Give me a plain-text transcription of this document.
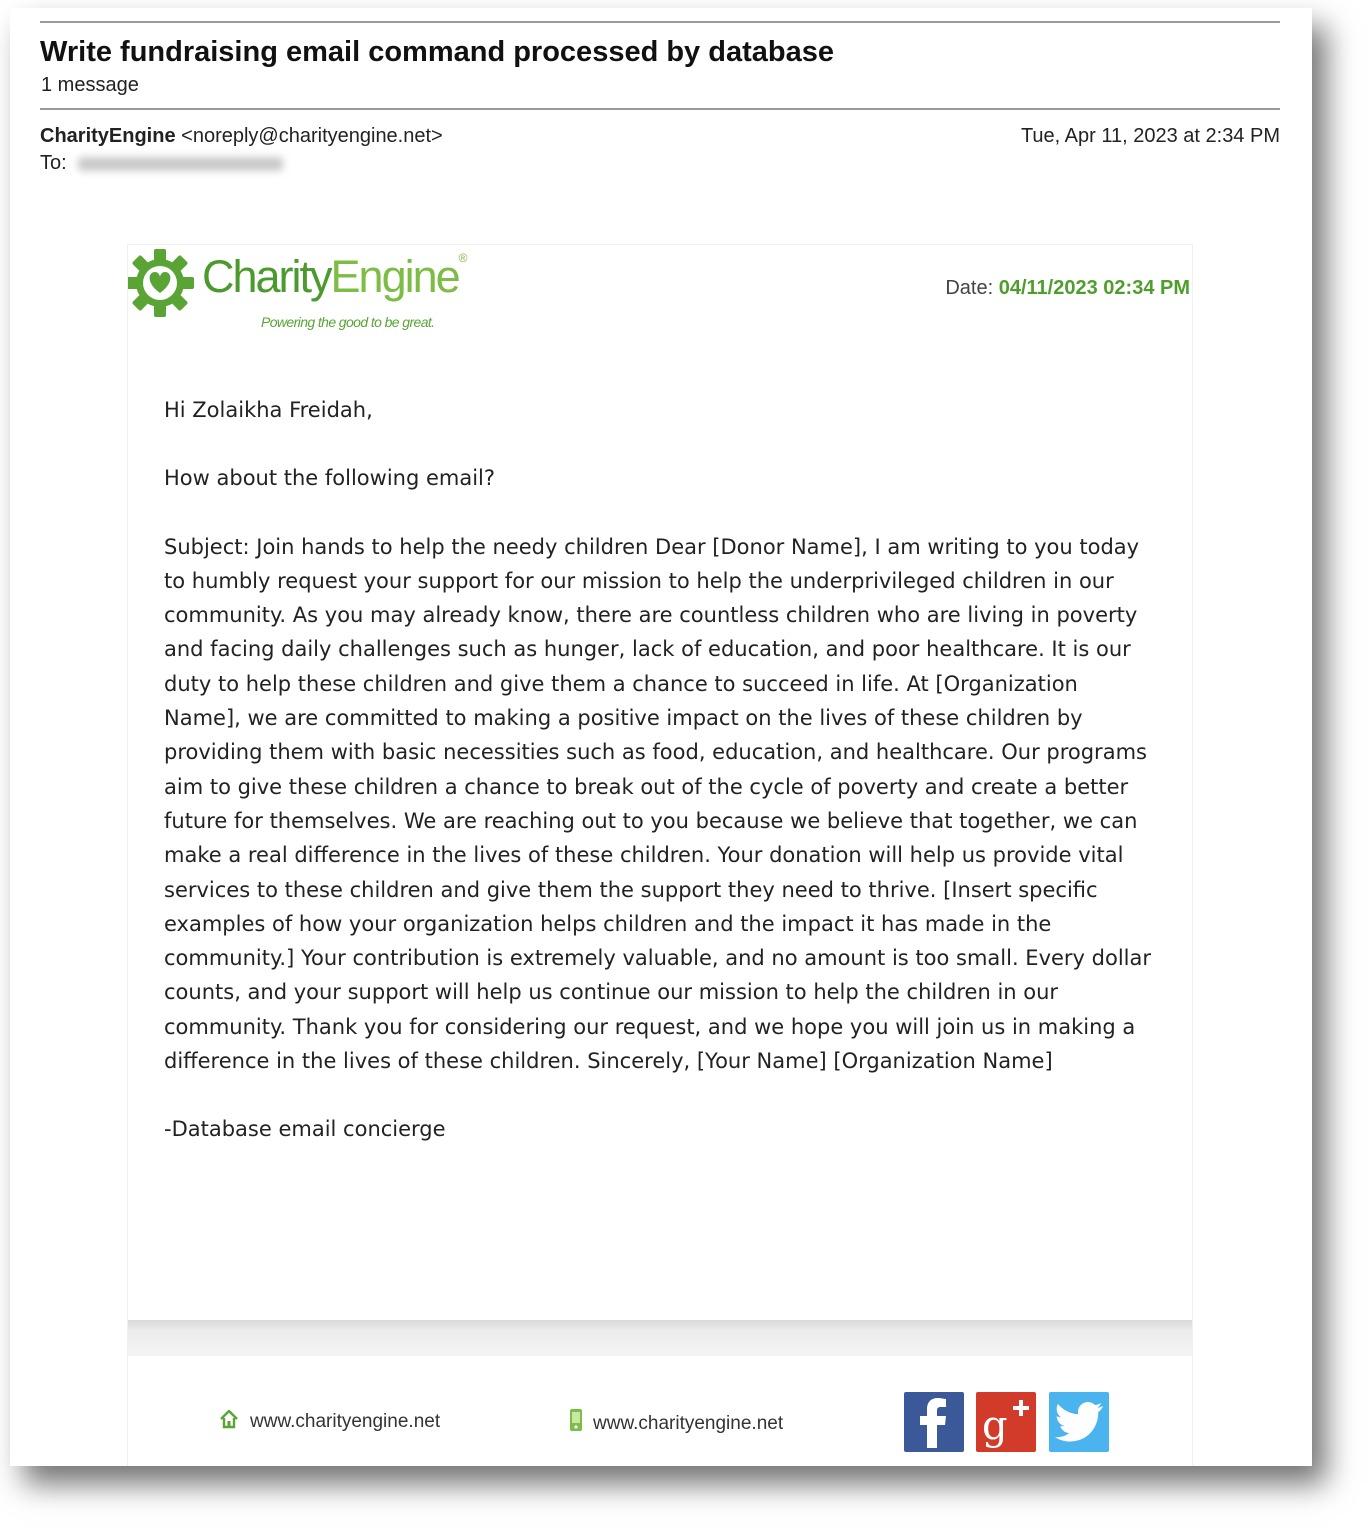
Write fundraising email command processed by database
1 message
CharityEngine <noreply@charityengine.net>
To:
Tue, Apr 11, 2023 at 2:34 PM
CharityEngine®
Powering the good to be great.
Date: 04/11/2023 02:34 PM

Hi Zolaikha Freidah,

How about the following email?

Subject: Join hands to help the needy children Dear [Donor Name], I am writing to you today to humbly request your support for our mission to help the underprivileged children in our community. As you may already know, there are countless children who are living in poverty and facing daily challenges such as hunger, lack of education, and poor healthcare. It is our duty to help these children and give them a chance to succeed in life. At [Organization Name], we are committed to making a positive impact on the lives of these children by providing them with basic necessities such as food, education, and healthcare. Our programs aim to give these children a chance to break out of the cycle of poverty and create a better future for themselves. We are reaching out to you because we believe that together, we can make a real difference in the lives of these children. Your donation will help us provide vital services to these children and give them the support they need to thrive. [Insert specific examples of how your organization helps children and the impact it has made in the community.] Your contribution is extremely valuable, and no amount is too small. Every dollar counts, and your support will help us continue our mission to help the children in our community. Thank you for considering our request, and we hope you will join us in making a difference in the lives of these children. Sincerely, [Your Name] [Organization Name]

-Database email concierge

www.charityengine.net	www.charityengine.net	g
